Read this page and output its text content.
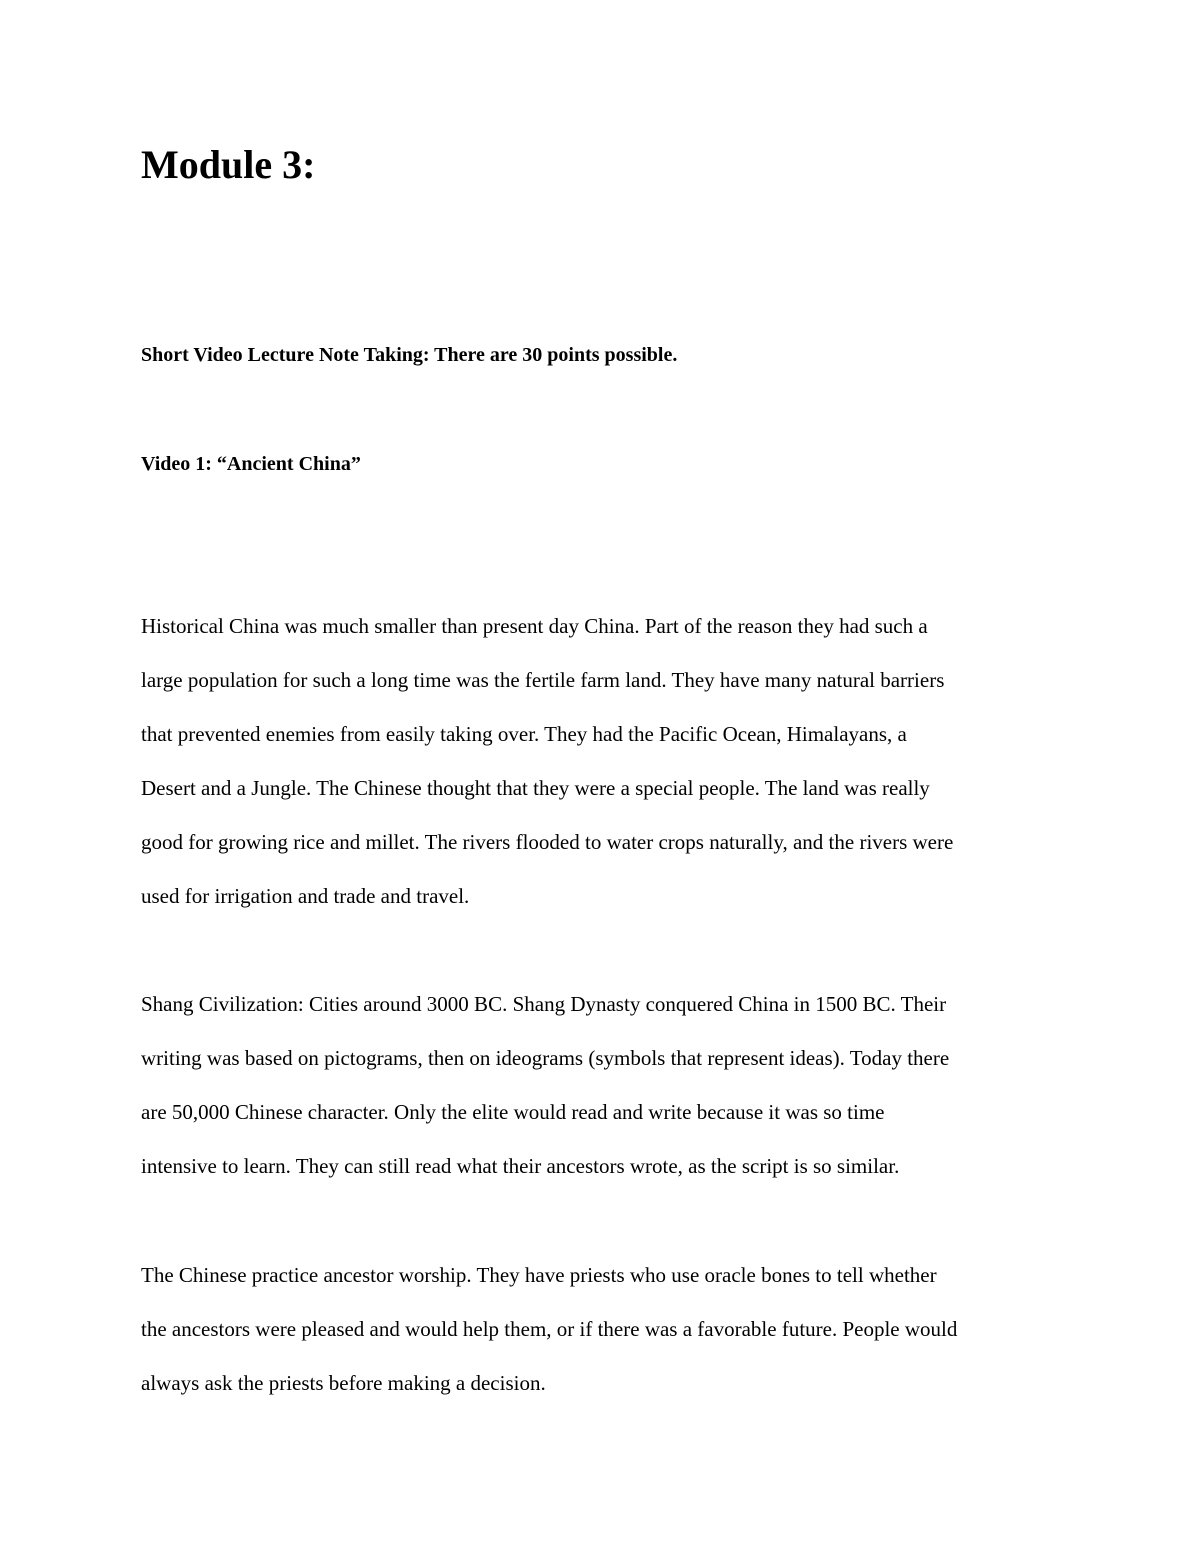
Module 3:
Short Video Lecture Note Taking: There are 30 points possible.
Video 1: “Ancient China”

Historical China was much smaller than present day China. Part of the reason they had such a
large population for such a long time was the fertile farm land. They have many natural barriers
that prevented enemies from easily taking over. They had the Pacific Ocean, Himalayans, a
Desert and a Jungle. The Chinese thought that they were a special people. The land was really
good for growing rice and millet. The rivers flooded to water crops naturally, and the rivers were
used for irrigation and trade and travel.

Shang Civilization: Cities around 3000 BC. Shang Dynasty conquered China in 1500 BC. Their
writing was based on pictograms, then on ideograms (symbols that represent ideas). Today there
are 50,000 Chinese character. Only the elite would read and write because it was so time
intensive to learn. They can still read what their ancestors wrote, as the script is so similar.

The Chinese practice ancestor worship. They have priests who use oracle bones to tell whether
the ancestors were pleased and would help them, or if there was a favorable future. People would
always ask the priests before making a decision.
